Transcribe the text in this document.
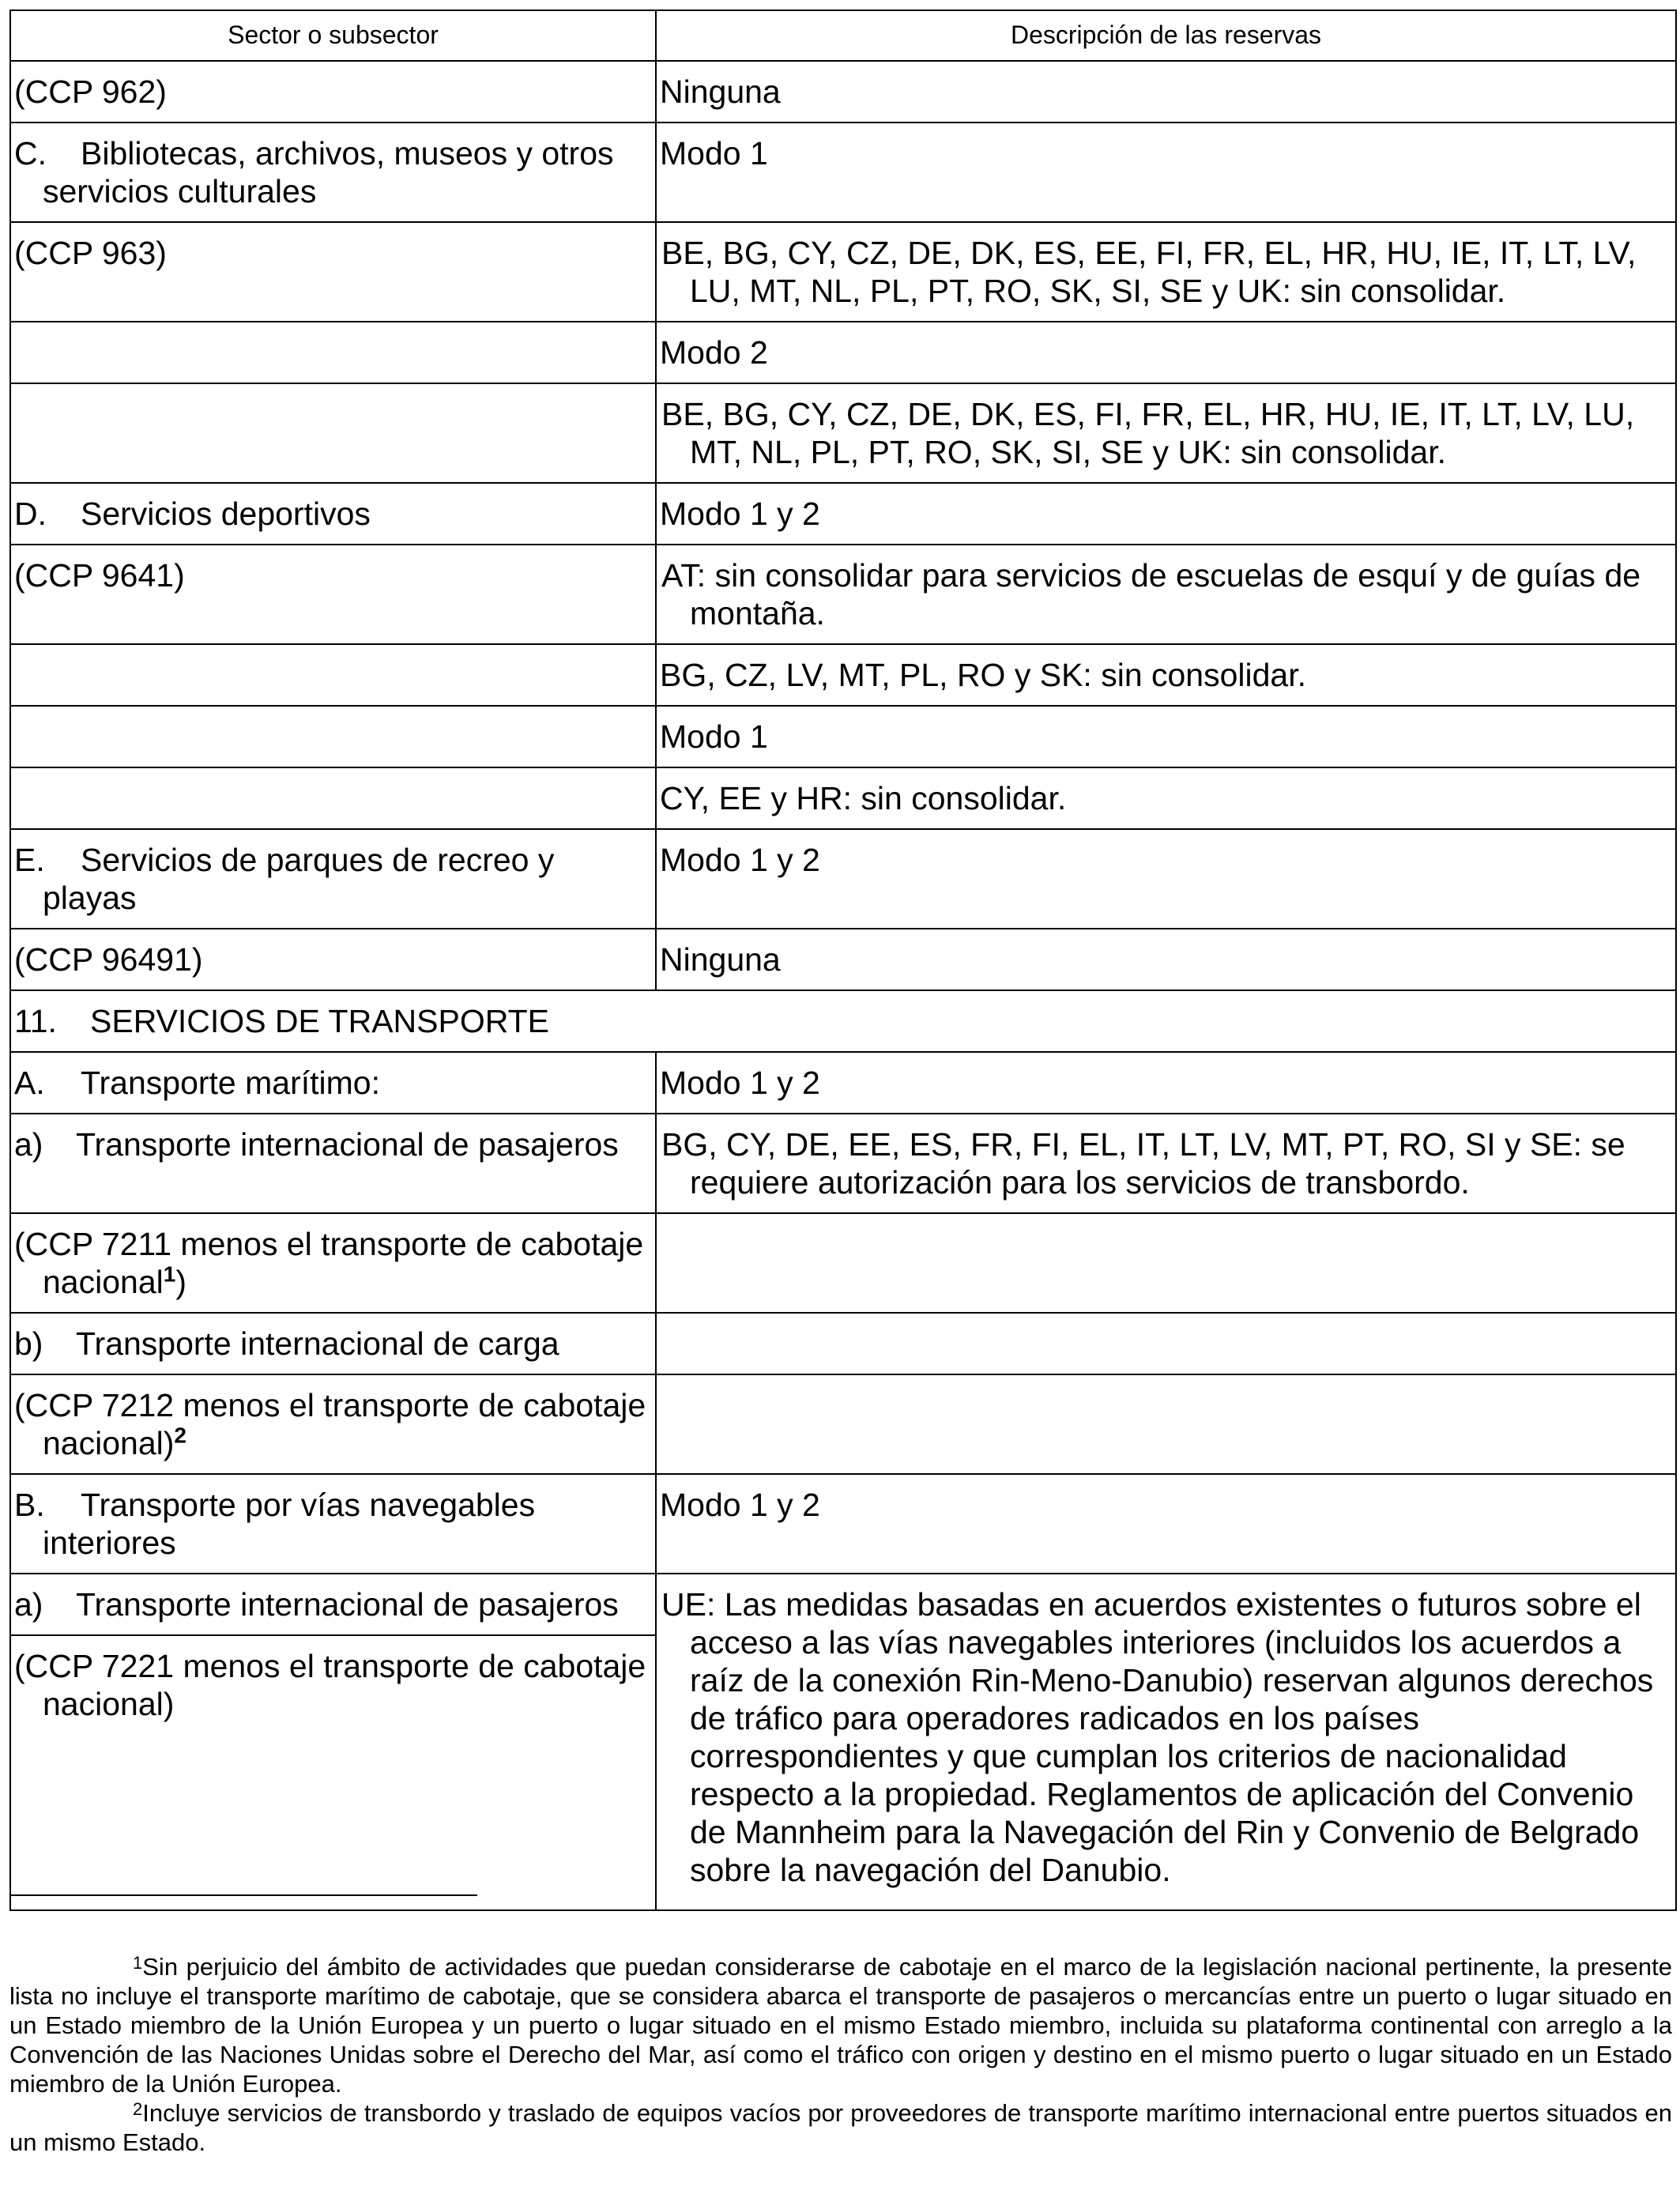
Sector o subsector	Descripción de las reservas
(CCP 962)	Ninguna
C. Bibliotecas, archivos, museos y otros servicios culturales	Modo 1
(CCP 963)	BE, BG, CY, CZ, DE, DK, ES, EE, FI, FR, EL, HR, HU, IE, IT, LT, LV, LU, MT, NL, PL, PT, RO, SK, SI, SE y UK: sin consolidar.
	Modo 2
	BE, BG, CY, CZ, DE, DK, ES, FI, FR, EL, HR, HU, IE, IT, LT, LV, LU, MT, NL, PL, PT, RO, SK, SI, SE y UK: sin consolidar.
D. Servicios deportivos	Modo 1 y 2
(CCP 9641)	AT: sin consolidar para servicios de escuelas de esquí y de guías de montaña.
	BG, CZ, LV, MT, PL, RO y SK: sin consolidar.
	Modo 1
	CY, EE y HR: sin consolidar.
E. Servicios de parques de recreo y playas	Modo 1 y 2
(CCP 96491)	Ninguna
11. SERVICIOS DE TRANSPORTE	
A. Transporte marítimo:	Modo 1 y 2
a) Transporte internacional de pasajeros	BG, CY, DE, EE, ES, FR, FI, EL, IT, LT, LV, MT, PT, RO, SI y SE: se requiere autorización para los servicios de transbordo.
(CCP 7211 menos el transporte de cabotaje nacional$^1$)	
b) Transporte internacional de carga	
(CCP 7212 menos el transporte de cabotaje nacional)$^2$	
B. Transporte por vías navegables interiores	Modo 1 y 2
a) Transporte internacional de pasajeros	UE: Las medidas basadas en acuerdos existentes o futuros sobre el acceso a las vías navegables interiores (incluidos los acuerdos a raíz de la conexión Rin-Meno-Danubio) reservan algunos derechos de tráfico para operadores radicados en los países correspondientes y que cumplan los criterios de nacionalidad respecto a la propiedad. Reglamentos de aplicación del Convenio de Mannheim para la Navegación del Rin y Convenio de Belgrado sobre la navegación del Danubio.
(CCP 7221 menos el transporte de cabotaje nacional)	

1Sin perjuicio del ámbito de actividades que puedan considerarse de cabotaje en el marco de la legislación nacional pertinente, la presente lista no incluye el transporte marítimo de cabotaje, que se considera abarca el transporte de pasajeros o mercancías entre un puerto o lugar situado en un Estado miembro de la Unión Europea y un puerto o lugar situado en el mismo Estado miembro, incluida su plataforma continental con arreglo a la Convención de las Naciones Unidas sobre el Derecho del Mar, así como el tráfico con origen y destino en el mismo puerto o lugar situado en un Estado miembro de la Unión Europea.

2Incluye servicios de transbordo y traslado de equipos vacíos por proveedores de transporte marítimo internacional entre puertos situados en un mismo Estado.
